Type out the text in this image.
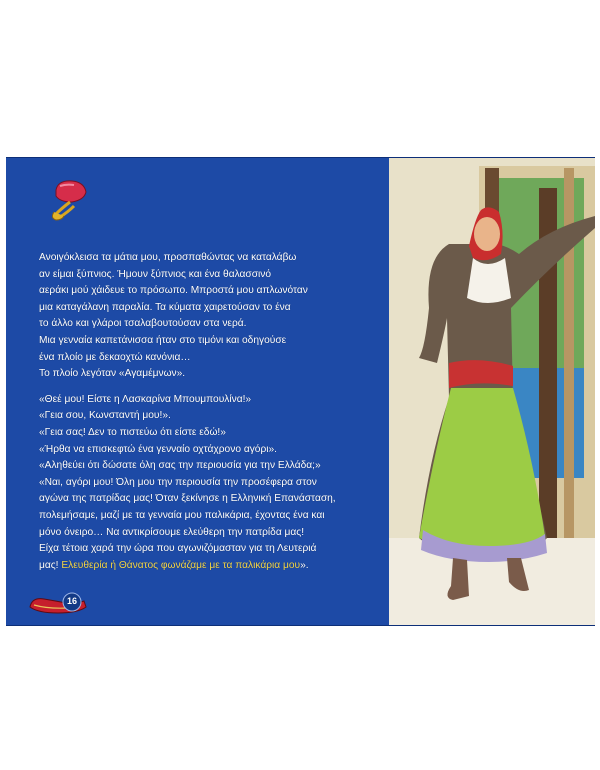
Ανοιγόκλεισα τα μάτια μου, προσπαθώντας να καταλάβω
αν είμαι ξύπνιος. Ήμουν ξύπνιος και ένα θαλασσινό
αεράκι μού χάιδευε το πρόσωπο. Μπροστά μου απλωνόταν
μια καταγάλανη παραλία. Τα κύματα χαιρετούσαν το ένα
το άλλο και γλάροι τσαλαβουτούσαν στα νερά.
Μια γενναία καπετάνισσα ήταν στο τιμόνι και οδηγούσε
ένα πλοίο με δεκαοχτώ κανόνια…
Το πλοίο λεγόταν «Αγαμέμνων».

«Θεέ μου! Είστε η Λασκαρίνα Μπουμπουλίνα!»
«Γεια σου, Κωνσταντή μου!».
«Γεια σας! Δεν το πιστεύω ότι είστε εδώ!»
«Ήρθα να επισκεφτώ ένα γενναίο οχτάχρονο αγόρι».
«Αληθεύει ότι δώσατε όλη σας την περιουσία για την Ελλάδα;»
«Ναι, αγόρι μου! Όλη μου την περιουσία την προσέφερα στον
αγώνα της πατρίδας μας! Όταν ξεκίνησε η Ελληνική Επανάσταση,
πολεμήσαμε, μαζί με τα γενναία μου παλικάρια, έχοντας ένα και
μόνο όνειρο… Να αντικρίσουμε ελεύθερη την πατρίδα μας!
Είχα τέτοια χαρά την ώρα που αγωνιζόμασταν για τη Λευτεριά
μας! Ελευθερία ή Θάνατος φωνάζαμε με τα παλικάρια μου».

16
